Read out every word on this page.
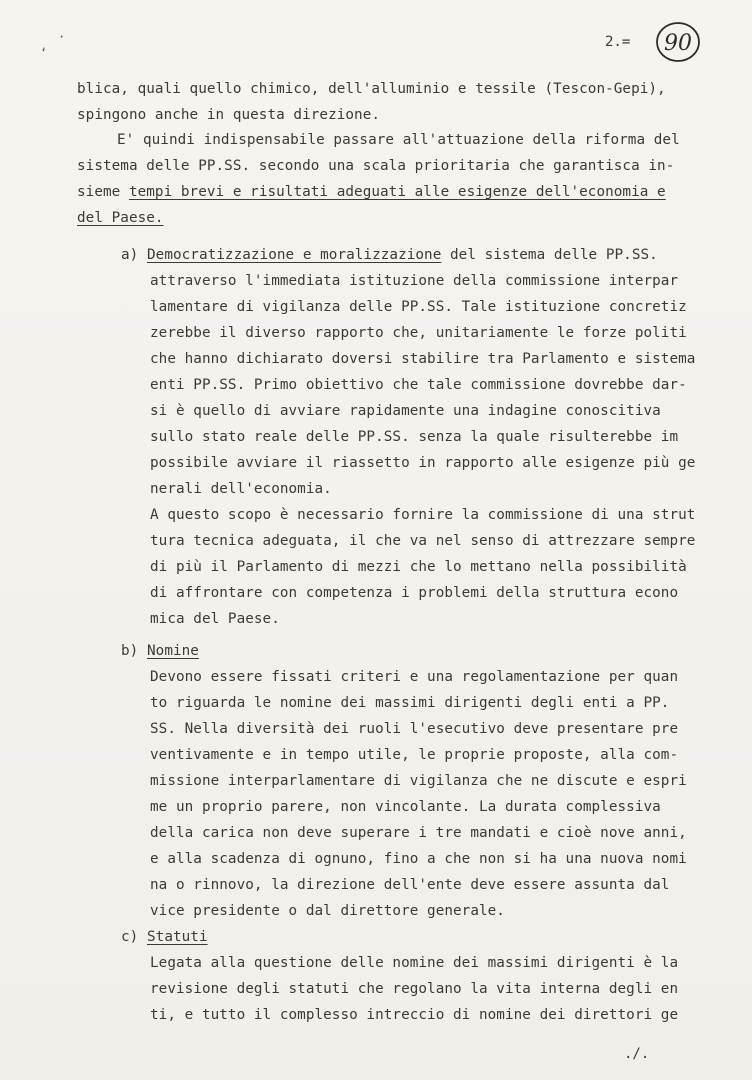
·
‘
2.= 90
blica, quali quello chimico, dell'alluminio e tessile (Tescon-Gepi),
spingono anche in questa direzione.
E' quindi indispensabile passare all'attuazione della riforma del
sistema delle PP.SS. secondo una scala prioritaria che garantisca in-
sieme tempi brevi e risultati adeguati alle esigenze dell'economia e
del Paese.
a) Democratizzazione e moralizzazione del sistema delle PP.SS.
attraverso l'immediata istituzione della commissione interpar
lamentare di vigilanza delle PP.SS. Tale istituzione concretiz
zerebbe il diverso rapporto che, unitariamente le forze politi
che hanno dichiarato doversi stabilire tra Parlamento e sistema
enti PP.SS. Primo obiettivo che tale commissione dovrebbe dar-
si è quello di avviare rapidamente una indagine conoscitiva
sullo stato reale delle PP.SS. senza la quale risulterebbe im
possibile avviare il riassetto in rapporto alle esigenze più ge
nerali dell'economia.
A questo scopo è necessario fornire la commissione di una strut
tura tecnica adeguata, il che va nel senso di attrezzare sempre
di più il Parlamento di mezzi che lo mettano nella possibilità
di affrontare con competenza i problemi della struttura econo
mica del Paese.
b) Nomine
Devono essere fissati criteri e una regolamentazione per quan
to riguarda le nomine dei massimi dirigenti degli enti a PP.
SS. Nella diversità dei ruoli l'esecutivo deve presentare pre
ventivamente e in tempo utile, le proprie proposte, alla com-
missione interparlamentare di vigilanza che ne discute e espri
me un proprio parere, non vincolante. La durata complessiva
della carica non deve superare i tre mandati e cioè nove anni,
e alla scadenza di ognuno, fino a che non si ha una nuova nomi
na o rinnovo, la direzione dell'ente deve essere assunta dal
vice presidente o dal direttore generale.
c) Statuti
Legata alla questione delle nomine dei massimi dirigenti è la
revisione degli statuti che regolano la vita interna degli en
ti, e tutto il complesso intreccio di nomine dei direttori ge
./.
